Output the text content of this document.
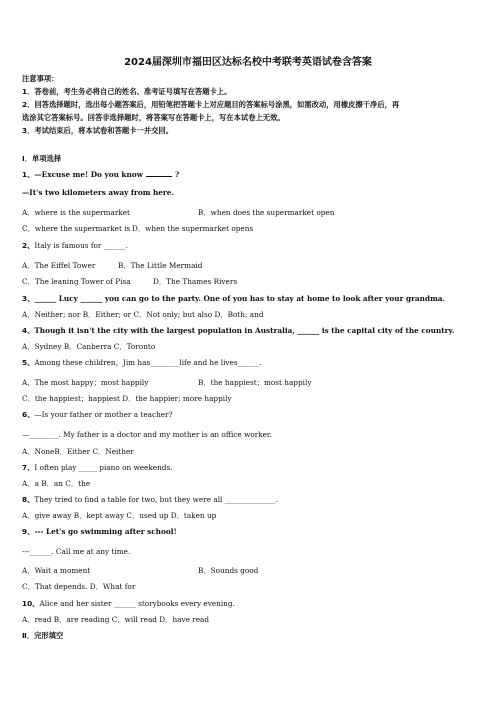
2024届深圳市福田区达标名校中考联考英语试卷含答案
注意事项：
1．答卷前，考生务必将自己的姓名、准考证号填写在答题卡上。
2．回答选择题时，选出每小题答案后，用铅笔把答题卡上对应题目的答案标号涂黑，如需改动，用橡皮擦干净后，再
选涂其它答案标号。回答非选择题时，将答案写在答题卡上，写在本试卷上无效。
3．考试结束后，将本试卷和答题卡一并交回。
Ⅰ．单项选择
1、—Excuse me! Do you know	?
—It's two kilometers away from here.
A．where is the supermarket	B．when does the supermarket open
C．where the supermarket is D．when the supermarket opens
2、Italy is famous for ______.
A．The Eiffel Tower	B．The Little Mermaid
C．The leaning Tower of Pisa	D．The Thames Rivers
3、______ Lucy ______ you can go to the party. One of you has to stay at home to look after your grandma.
A．Neither; nor B．Either; or C．Not only; but also D．Both; and
4、Though it isn't the city with the largest population in Australia, ______ is the capital city of the country.
A．Sydney B．Canberra C．Toronto
5、Among these children，Jim has________life and he lives______.
A．The most happy；most happily	B．the happiest；most happily
C．the happiest；happiest D．the happier; more happily
6、—Is your father or mother a teacher?
—________. My father is a doctor and my mother is an office worker.
A．NoneB．Either C．Neither
7、I often play _____ piano on weekends.
A．a B．an C．the
8、They tried to find a table for two, but they were all ______________.
A．give away B．kept away C．used up D．taken up
9、--- Let's go swimming after school!
---______. Call me at any time.
A．Wait a moment	B．Sounds good
C．That depends. D．What for
10、Alice and her sister ______ storybooks every evening.
A．read B．are reading C．will read D．have read
Ⅱ．完形填空
